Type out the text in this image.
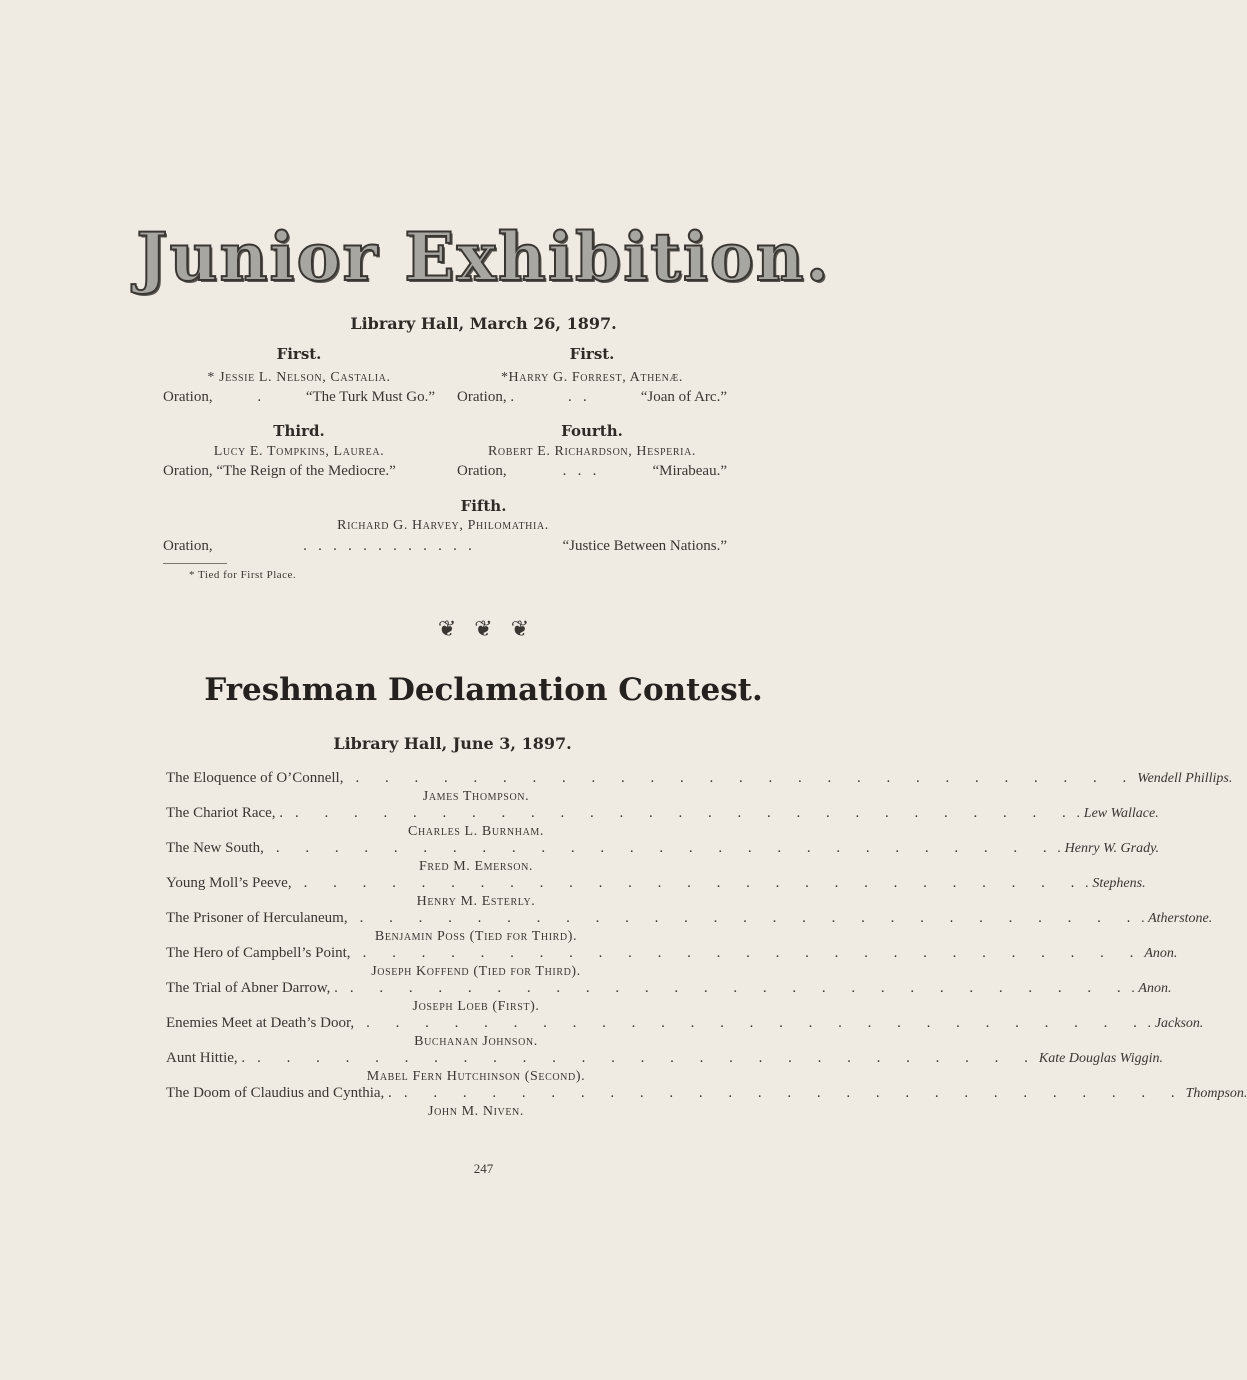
Junior Exhibition.
Library Hall, March 26, 1897.
First.
* Jessie L. Nelson, Castalia.
Oration,	.	“The Turk Must Go.”
First.
*Harry G. Forrest, Athenæ.
Oration, .	.   .	“Joan of Arc.”
Third.
Lucy E. Tompkins, Laurea.
Oration, “The Reign of the Mediocre.”
Fourth.
Robert E. Richardson, Hesperia.
Oration,	.   .   .	“Mirabeau.”
Fifth.
Richard G. Harvey, Philomathia.
Oration,	.   .   .   .   .   .   .   .   .   .   .   .	“Justice Between Nations.”
* Tied for First Place.
❦❦❦
Freshman Declamation Contest.
Library Hall, June 3, 1897.
The Eloquence of O’Connell, . . . . . . . . . . . . . . . . . . . . . . . . . . . Wendell Phillips.
James Thompson.
The Chariot Race, . . . . . . . . . . . . . . . . . . . . . . . . . . . . . Lew Wallace.
Charles L. Burnham.
The New South, . . . . . . . . . . . . . . . . . . . . . . . . . . . . Henry W. Grady.
Fred M. Emerson.
Young Moll’s Peeve, . . . . . . . . . . . . . . . . . . . . . . . . . . . . Stephens.
Henry M. Esterly.
The Prisoner of Herculaneum, . . . . . . . . . . . . . . . . . . . . . . . . . . . . Atherstone.
Benjamin Poss (Tied for Third).
The Hero of Campbell’s Point, . . . . . . . . . . . . . . . . . . . . . . . . . . . Anon.
Joseph Koffend (Tied for Third).
The Trial of Abner Darrow, . . . . . . . . . . . . . . . . . . . . . . . . . . . . . Anon.
Joseph Loeb (First).
Enemies Meet at Death’s Door, . . . . . . . . . . . . . . . . . . . . . . . . . . . . Jackson.
Buchanan Johnson.
Aunt Hittie, . . . . . . . . . . . . . . . . . . . . . . . . . . . . Kate Douglas Wiggin.
Mabel Fern Hutchinson (Second).
The Doom of Claudius and Cynthia, . . . . . . . . . . . . . . . . . . . . . . . . . . . . Thompson.
John M. Niven.
247
